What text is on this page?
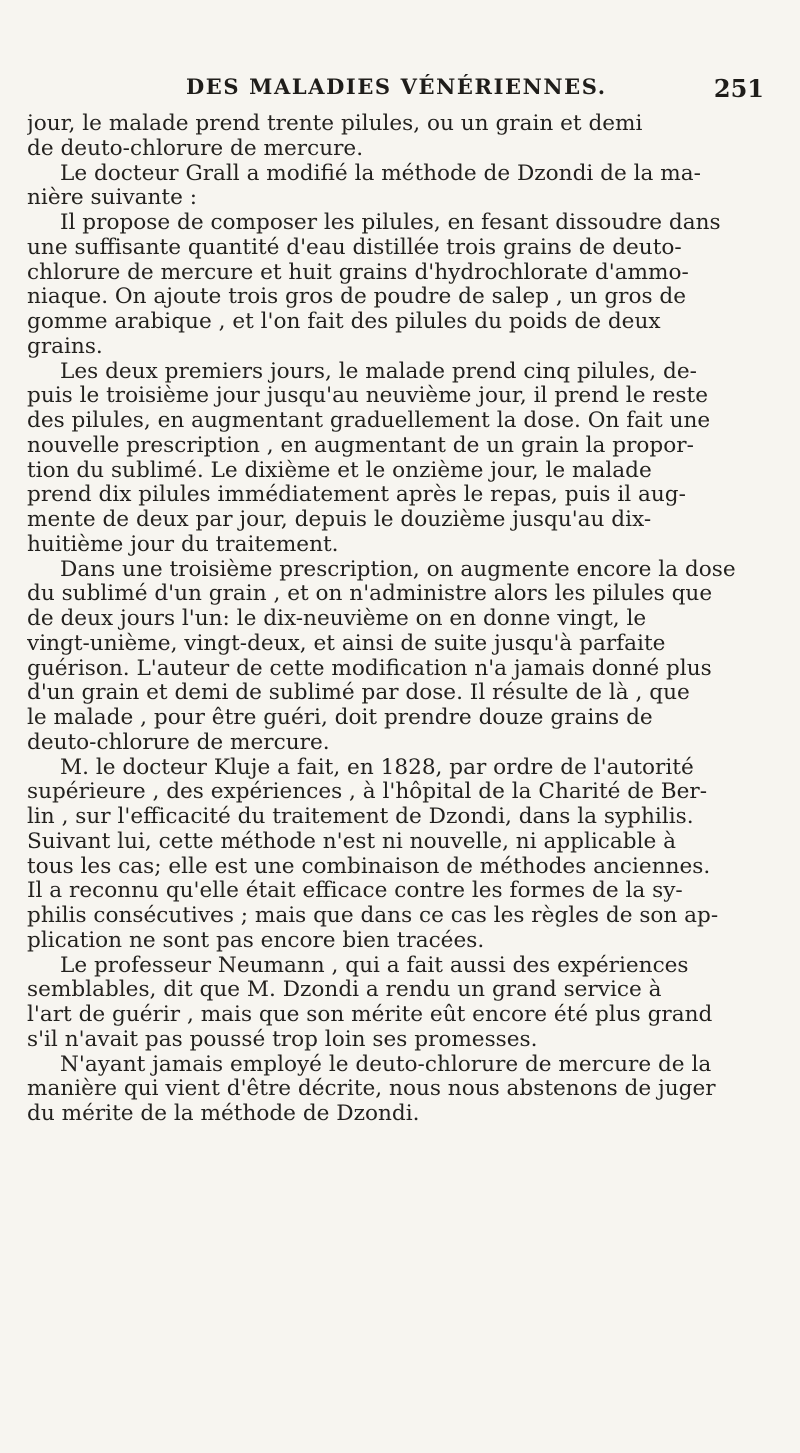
DES MALADIES VÉNÉRIENNES.	251
jour, le malade prend trente pilules, ou un grain et demi
de deuto-chlorure de mercure.
Le docteur Grall a modifié la méthode de Dzondi de la ma-
nière suivante :
Il propose de composer les pilules, en fesant dissoudre dans
une suffisante quantité d'eau distillée trois grains de deuto-
chlorure de mercure et huit grains d'hydrochlorate d'ammo-
niaque. On ajoute trois gros de poudre de salep , un gros de
gomme arabique , et l'on fait des pilules du poids de deux
grains.
Les deux premiers jours, le malade prend cinq pilules, de-
puis le troisième jour jusqu'au neuvième jour, il prend le reste
des pilules, en augmentant graduellement la dose. On fait une
nouvelle prescription , en augmentant de un grain la propor-
tion du sublimé. Le dixième et le onzième jour, le malade
prend dix pilules immédiatement après le repas, puis il aug-
mente de deux par jour, depuis le douzième jusqu'au dix-
huitième jour du traitement.
Dans une troisième prescription, on augmente encore la dose
du sublimé d'un grain , et on n'administre alors les pilules que
de deux jours l'un: le dix-neuvième on en donne vingt, le
vingt-unième, vingt-deux, et ainsi de suite jusqu'à parfaite
guérison. L'auteur de cette modification n'a jamais donné plus
d'un grain et demi de sublimé par dose. Il résulte de là , que
le malade , pour être guéri, doit prendre douze grains de
deuto-chlorure de mercure.
M. le docteur Kluje a fait, en 1828, par ordre de l'autorité
supérieure , des expériences , à l'hôpital de la Charité de Ber-
lin , sur l'efficacité du traitement de Dzondi, dans la syphilis.
Suivant lui, cette méthode n'est ni nouvelle, ni applicable à
tous les cas; elle est une combinaison de méthodes anciennes.
Il a reconnu qu'elle était efficace contre les formes de la sy-
philis consécutives ; mais que dans ce cas les règles de son ap-
plication ne sont pas encore bien tracées.
Le professeur Neumann , qui a fait aussi des expériences
semblables, dit que M. Dzondi a rendu un grand service à
l'art de guérir , mais que son mérite eût encore été plus grand
s'il n'avait pas poussé trop loin ses promesses.
N'ayant jamais employé le deuto-chlorure de mercure de la
manière qui vient d'être décrite, nous nous abstenons de juger
du mérite de la méthode de Dzondi.
